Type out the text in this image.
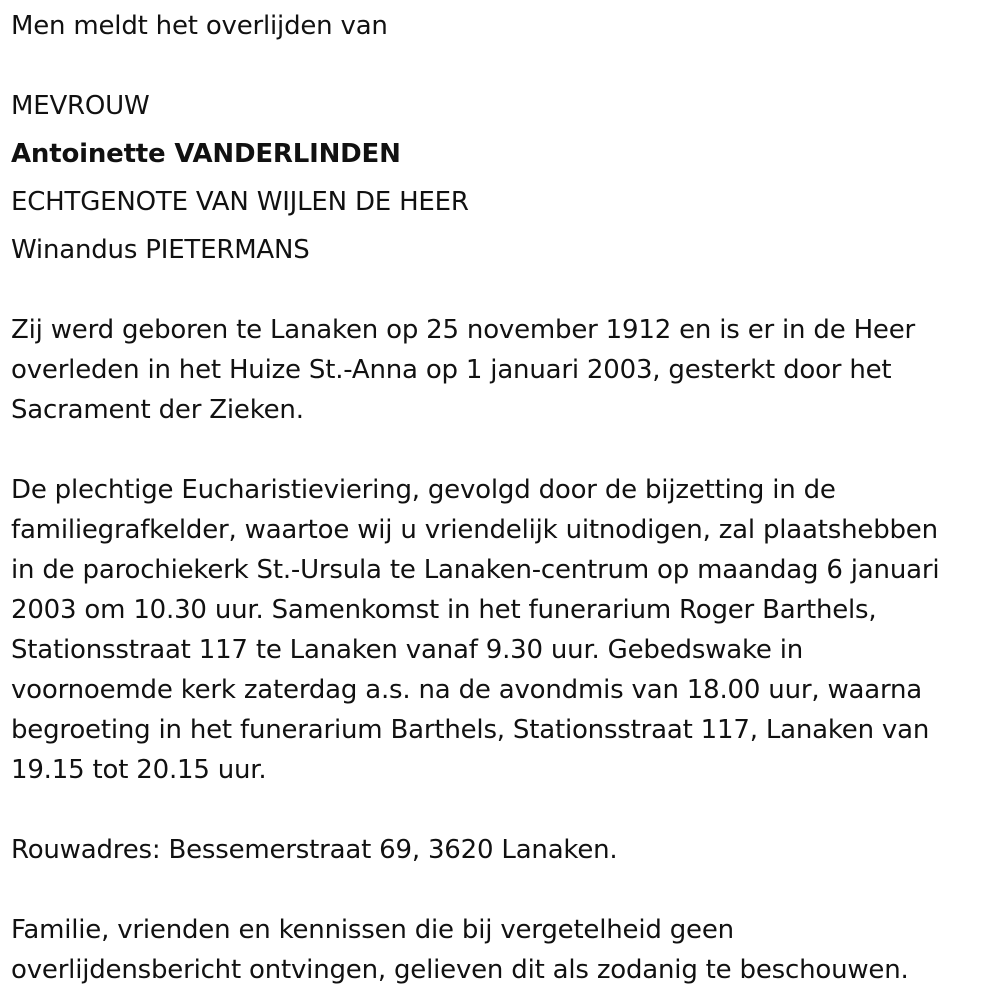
Men meldt het overlijden van

MEVROUW

Antoinette VANDERLINDEN

ECHTGENOTE VAN WIJLEN DE HEER

Winandus PIETERMANS

Zij werd geboren te Lanaken op 25 november 1912 en is er in de Heer
overleden in het Huize St.-Anna op 1 januari 2003, gesterkt door het
Sacrament der Zieken.
De plechtige Eucharistieviering, gevolgd door de bijzetting in de
familiegrafkelder, waartoe wij u vriendelijk uitnodigen, zal plaatshebben
in de parochiekerk St.-Ursula te Lanaken-centrum op maandag 6 januari
2003 om 10.30 uur. Samenkomst in het funerarium Roger Barthels,
Stationsstraat 117 te Lanaken vanaf 9.30 uur. Gebedswake in
voornoemde kerk zaterdag a.s. na de avondmis van 18.00 uur, waarna
begroeting in het funerarium Barthels, Stationsstraat 117, Lanaken van
19.15 tot 20.15 uur.

Rouwadres: Bessemerstraat 69, 3620 Lanaken.

Familie, vrienden en kennissen die bij vergetelheid geen
overlijdensbericht ontvingen, gelieven dit als zodanig te beschouwen.
